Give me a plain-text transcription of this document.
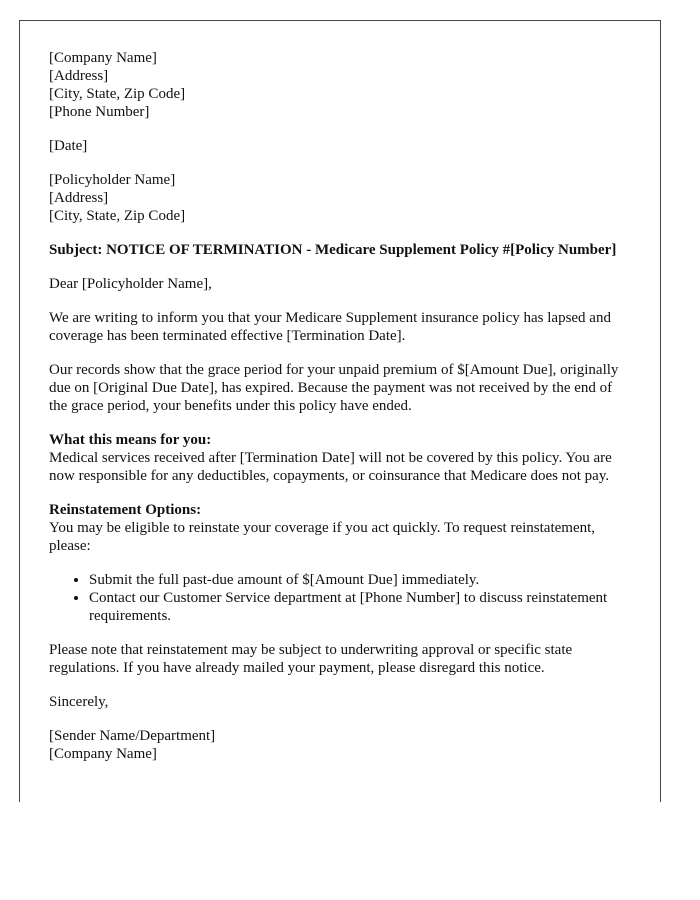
[Company Name]
[Address]
[City, State, Zip Code]
[Phone Number]
[Date]
[Policyholder Name]
[Address]
[City, State, Zip Code]
Subject: NOTICE OF TERMINATION - Medicare Supplement Policy #[Policy Number]
Dear [Policyholder Name],
We are writing to inform you that your Medicare Supplement insurance policy has lapsed and coverage has been terminated effective [Termination Date].
Our records show that the grace period for your unpaid premium of $[Amount Due], originally due on [Original Due Date], has expired. Because the payment was not received by the end of the grace period, your benefits under this policy have ended.
What this means for you:
Medical services received after [Termination Date] will not be covered by this policy. You are now responsible for any deductibles, copayments, or coinsurance that Medicare does not pay.
Reinstatement Options:
You may be eligible to reinstate your coverage if you act quickly. To request reinstatement, please:
• Submit the full past-due amount of $[Amount Due] immediately.
• Contact our Customer Service department at [Phone Number] to discuss reinstatement requirements.
Please note that reinstatement may be subject to underwriting approval or specific state regulations. If you have already mailed your payment, please disregard this notice.
Sincerely,
[Sender Name/Department]
[Company Name]
